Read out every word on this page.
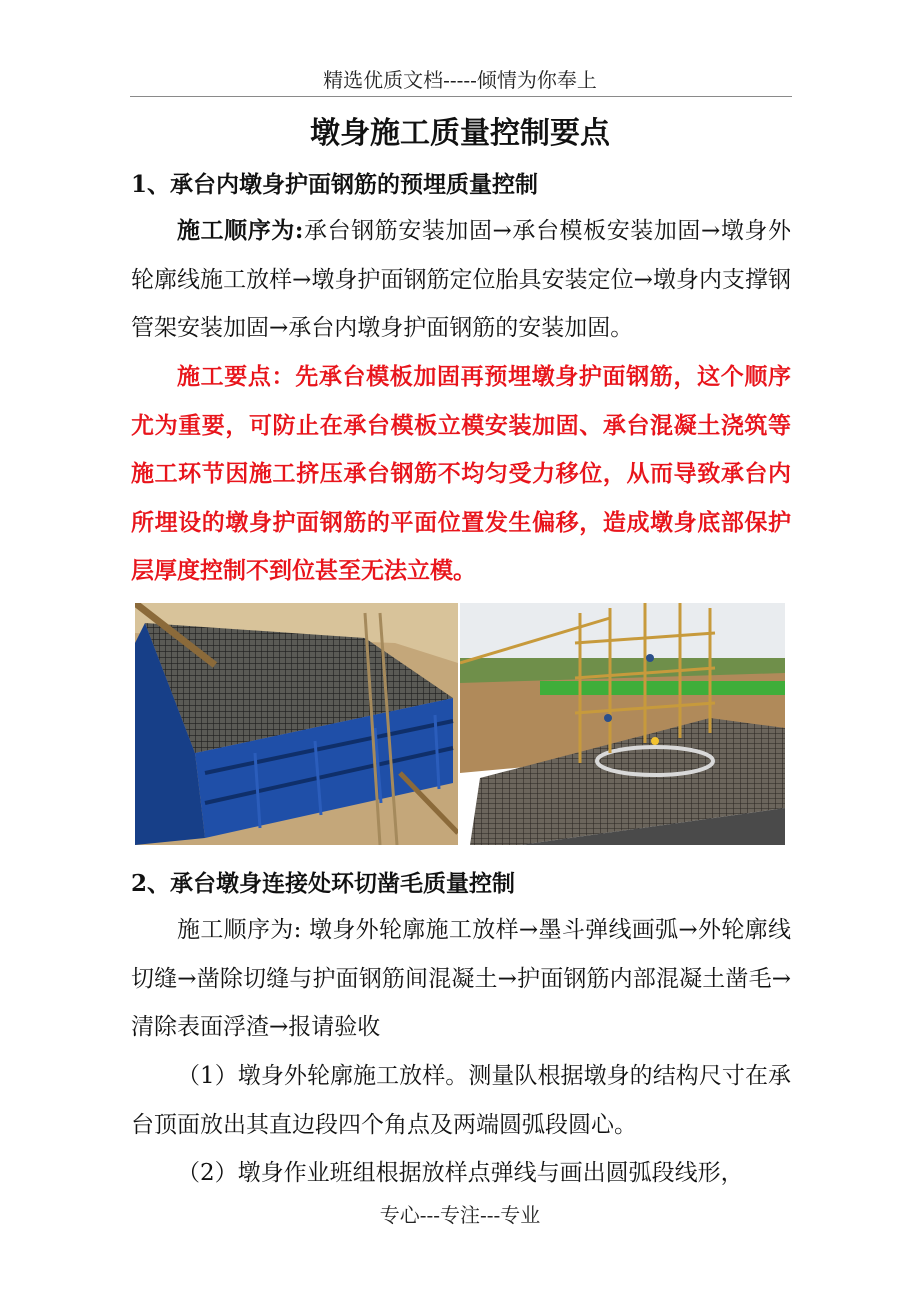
精选优质文档-----倾情为你奉上
墩身施工质量控制要点
1、承台内墩身护面钢筋的预埋质量控制
施工顺序为:承台钢筋安装加固→承台模板安装加固→墩身外轮廓线施工放样→墩身护面钢筋定位胎具安装定位→墩身内支撑钢管架安装加固→承台内墩身护面钢筋的安装加固。
施工要点：先承台模板加固再预埋墩身护面钢筋，这个顺序尤为重要，可防止在承台模板立模安装加固、承台混凝土浇筑等施工环节因施工挤压承台钢筋不均匀受力移位，从而导致承台内所埋设的墩身护面钢筋的平面位置发生偏移，造成墩身底部保护层厚度控制不到位甚至无法立模。
2、承台墩身连接处环切凿毛质量控制
施工顺序为: 墩身外轮廓施工放样→墨斗弹线画弧→外轮廓线切缝→凿除切缝与护面钢筋间混凝土→护面钢筋内部混凝土凿毛→清除表面浮渣→报请验收
（1）墩身外轮廓施工放样。测量队根据墩身的结构尺寸在承台顶面放出其直边段四个角点及两端圆弧段圆心。
（2）墩身作业班组根据放样点弹线与画出圆弧段线形，
专心---专注---专业
